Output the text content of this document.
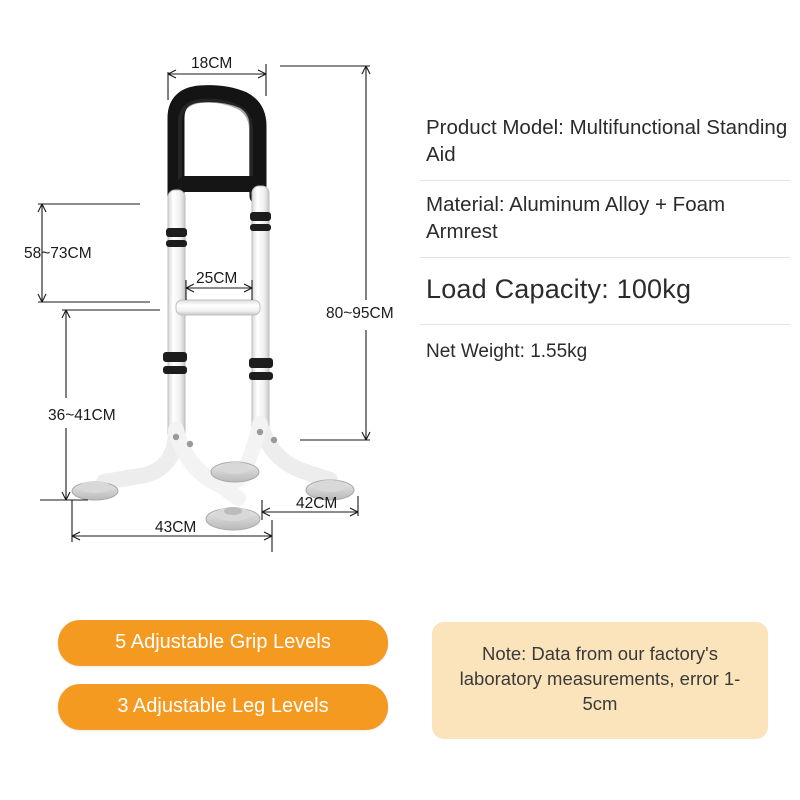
18CM
58~73CM
25CM
80~95CM
36~41CM
42CM
43CM
Product Model: Multifunctional Standing Aid
Material: Aluminum Alloy + Foam Armrest
Load Capacity: 100kg
Net Weight: 1.55kg
5 Adjustable Grip Levels
3 Adjustable Leg Levels
Note: Data from our factory's laboratory measurements, error 1-5cm
